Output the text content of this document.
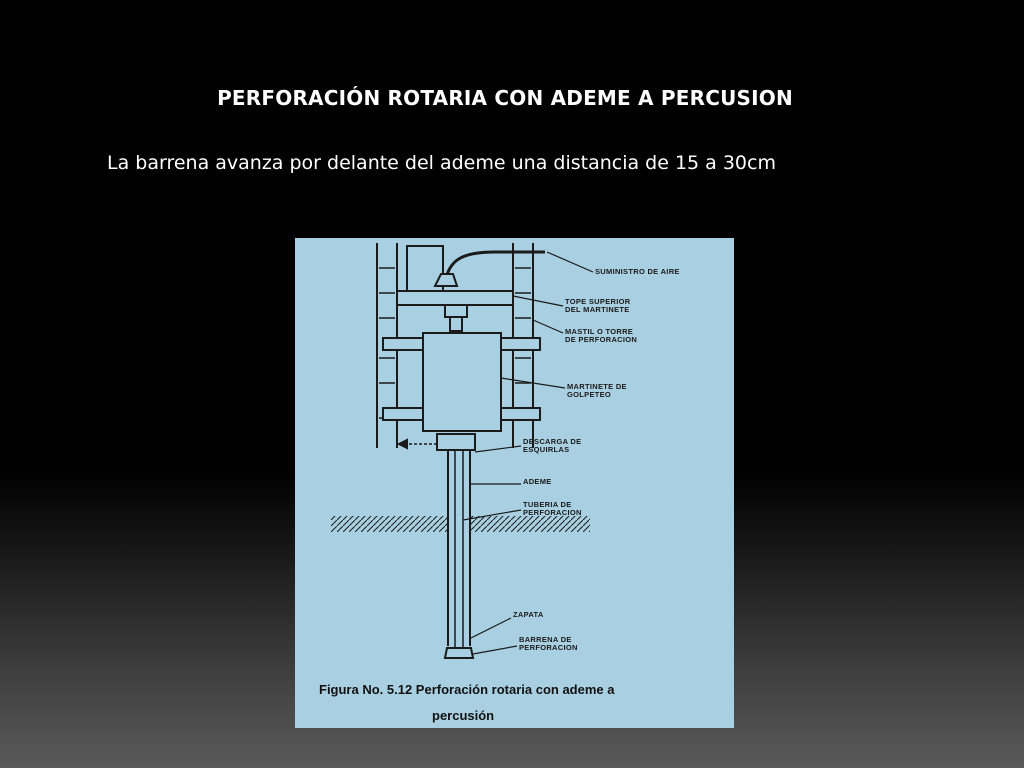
PERFORACIÓN ROTARIA CON ADEME A PERCUSION
La barrena avanza por delante del ademe una distancia de 15 a 30cm
SUMINISTRO DE AIRE
TOPE SUPERIOR
DEL MARTINETE
MASTIL O TORRE
DE PERFORACION
MARTINETE DE
GOLPETEO
DESCARGA DE
ESQUIRLAS
ADEME
TUBERIA DE
PERFORACION
ZAPATA
BARRENA DE
PERFORACION
Figura No. 5.12 Perforación rotaria con ademe a
percusión
